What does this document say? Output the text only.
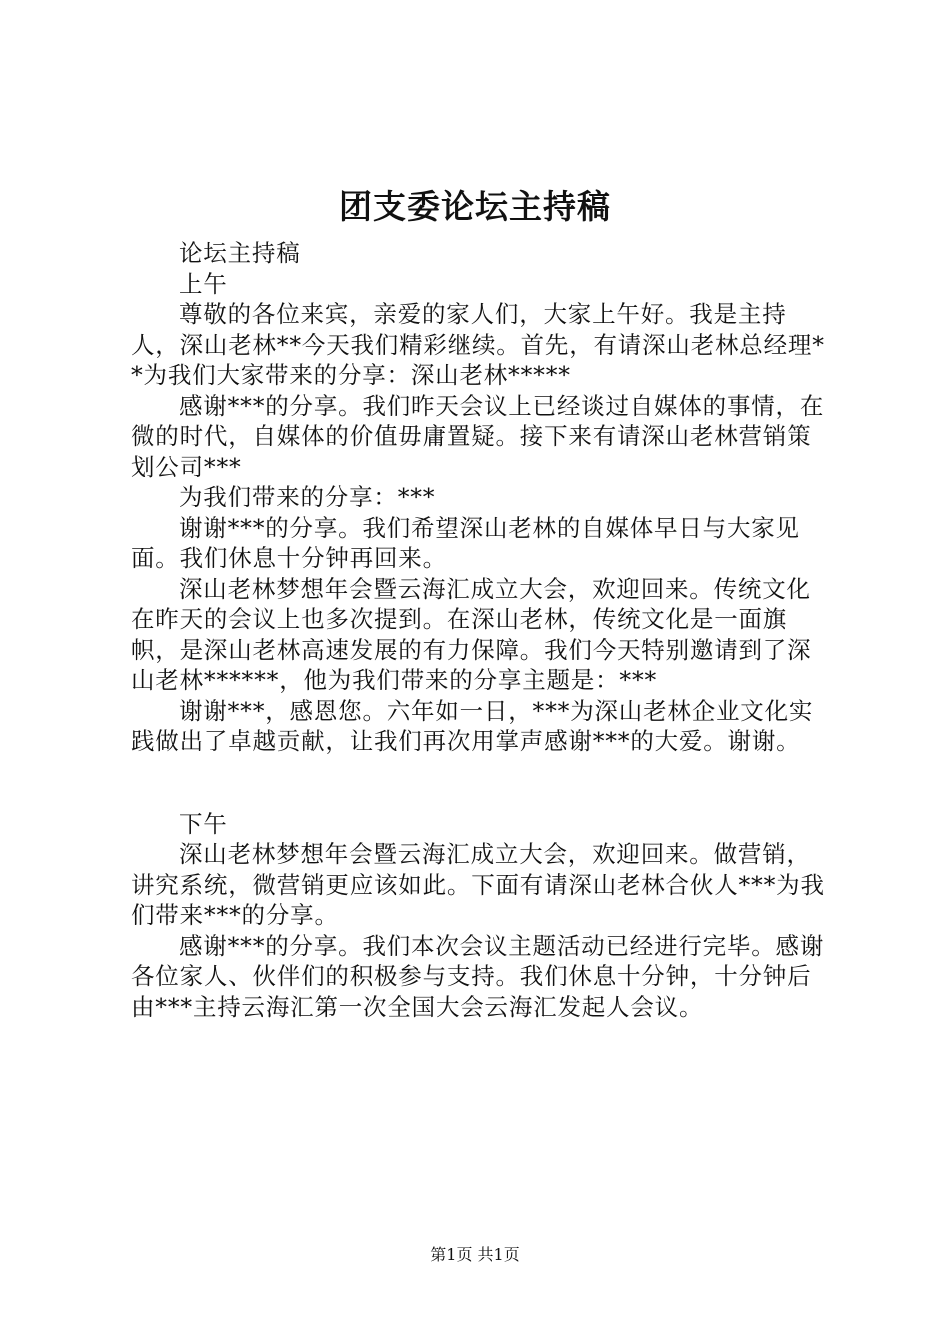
团支委论坛主持稿

论坛主持稿

上午

尊敬的各位来宾，亲爱的家人们，大家上午好。我是主持人，深山老林**今天我们精彩继续。首先，有请深山老林总经理**为我们大家带来的分享：深山老林*****

感谢***的分享。我们昨天会议上已经谈过自媒体的事情，在微的时代，自媒体的价值毋庸置疑。接下来有请深山老林营销策划公司***

为我们带来的分享：***

谢谢***的分享。我们希望深山老林的自媒体早日与大家见面。我们休息十分钟再回来。

深山老林梦想年会暨云海汇成立大会，欢迎回来。传统文化在昨天的会议上也多次提到。在深山老林，传统文化是一面旗帜，是深山老林高速发展的有力保障。我们今天特别邀请到了深山老林******，他为我们带来的分享主题是：***

谢谢***，感恩您。六年如一日，***为深山老林企业文化实践做出了卓越贡献，让我们再次用掌声感谢***的大爱。谢谢。

下午

深山老林梦想年会暨云海汇成立大会，欢迎回来。做营销，讲究系统，微营销更应该如此。下面有请深山老林合伙人***为我们带来***的分享。

感谢***的分享。我们本次会议主题活动已经进行完毕。感谢各位家人、伙伴们的积极参与支持。我们休息十分钟，十分钟后由***主持云海汇第一次全国大会云海汇发起人会议。

第1页 共1页
